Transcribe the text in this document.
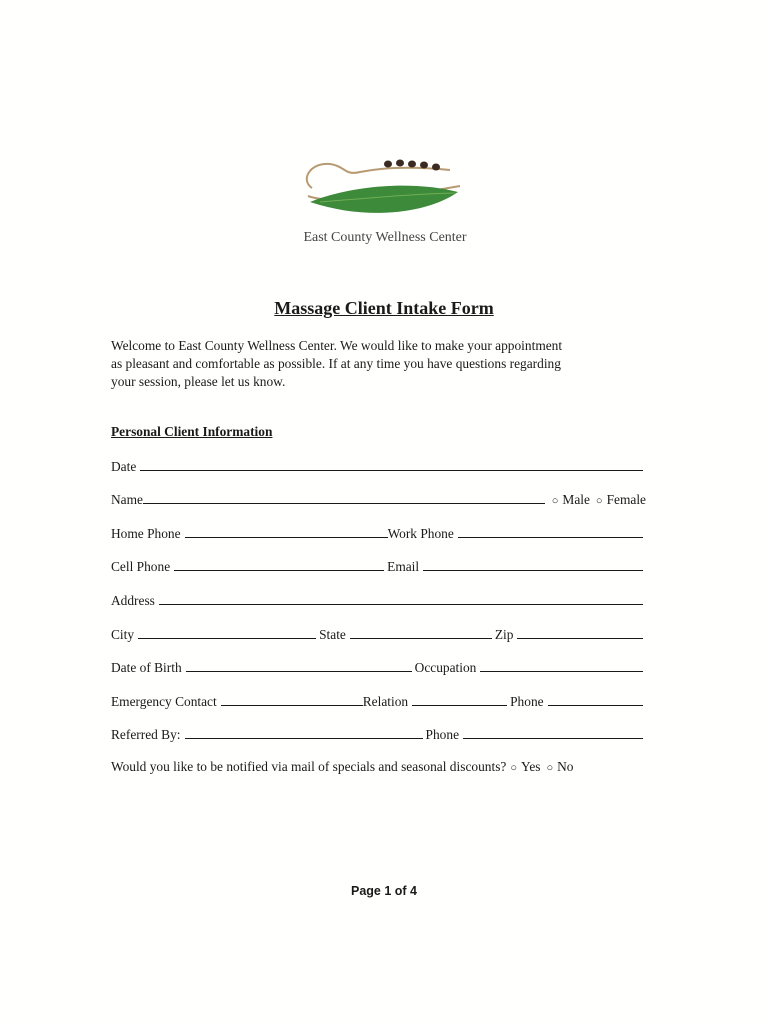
East County Wellness Center
Massage Client Intake Form
Welcome to East County Wellness Center. We would like to make your appointment
as pleasant and comfortable as possible. If at any time you have questions regarding
your session, please let us know.
Personal Client Information
Date
Name	○ Male ○ Female
Home Phone	Work Phone
Cell Phone	Email
Address
City	State	Zip
Date of Birth	Occupation
Emergency Contact	Relation	Phone
Referred By:	Phone
Would you like to be notified via mail of specials and seasonal discounts? ○ Yes ○ No
Page 1 of 4
